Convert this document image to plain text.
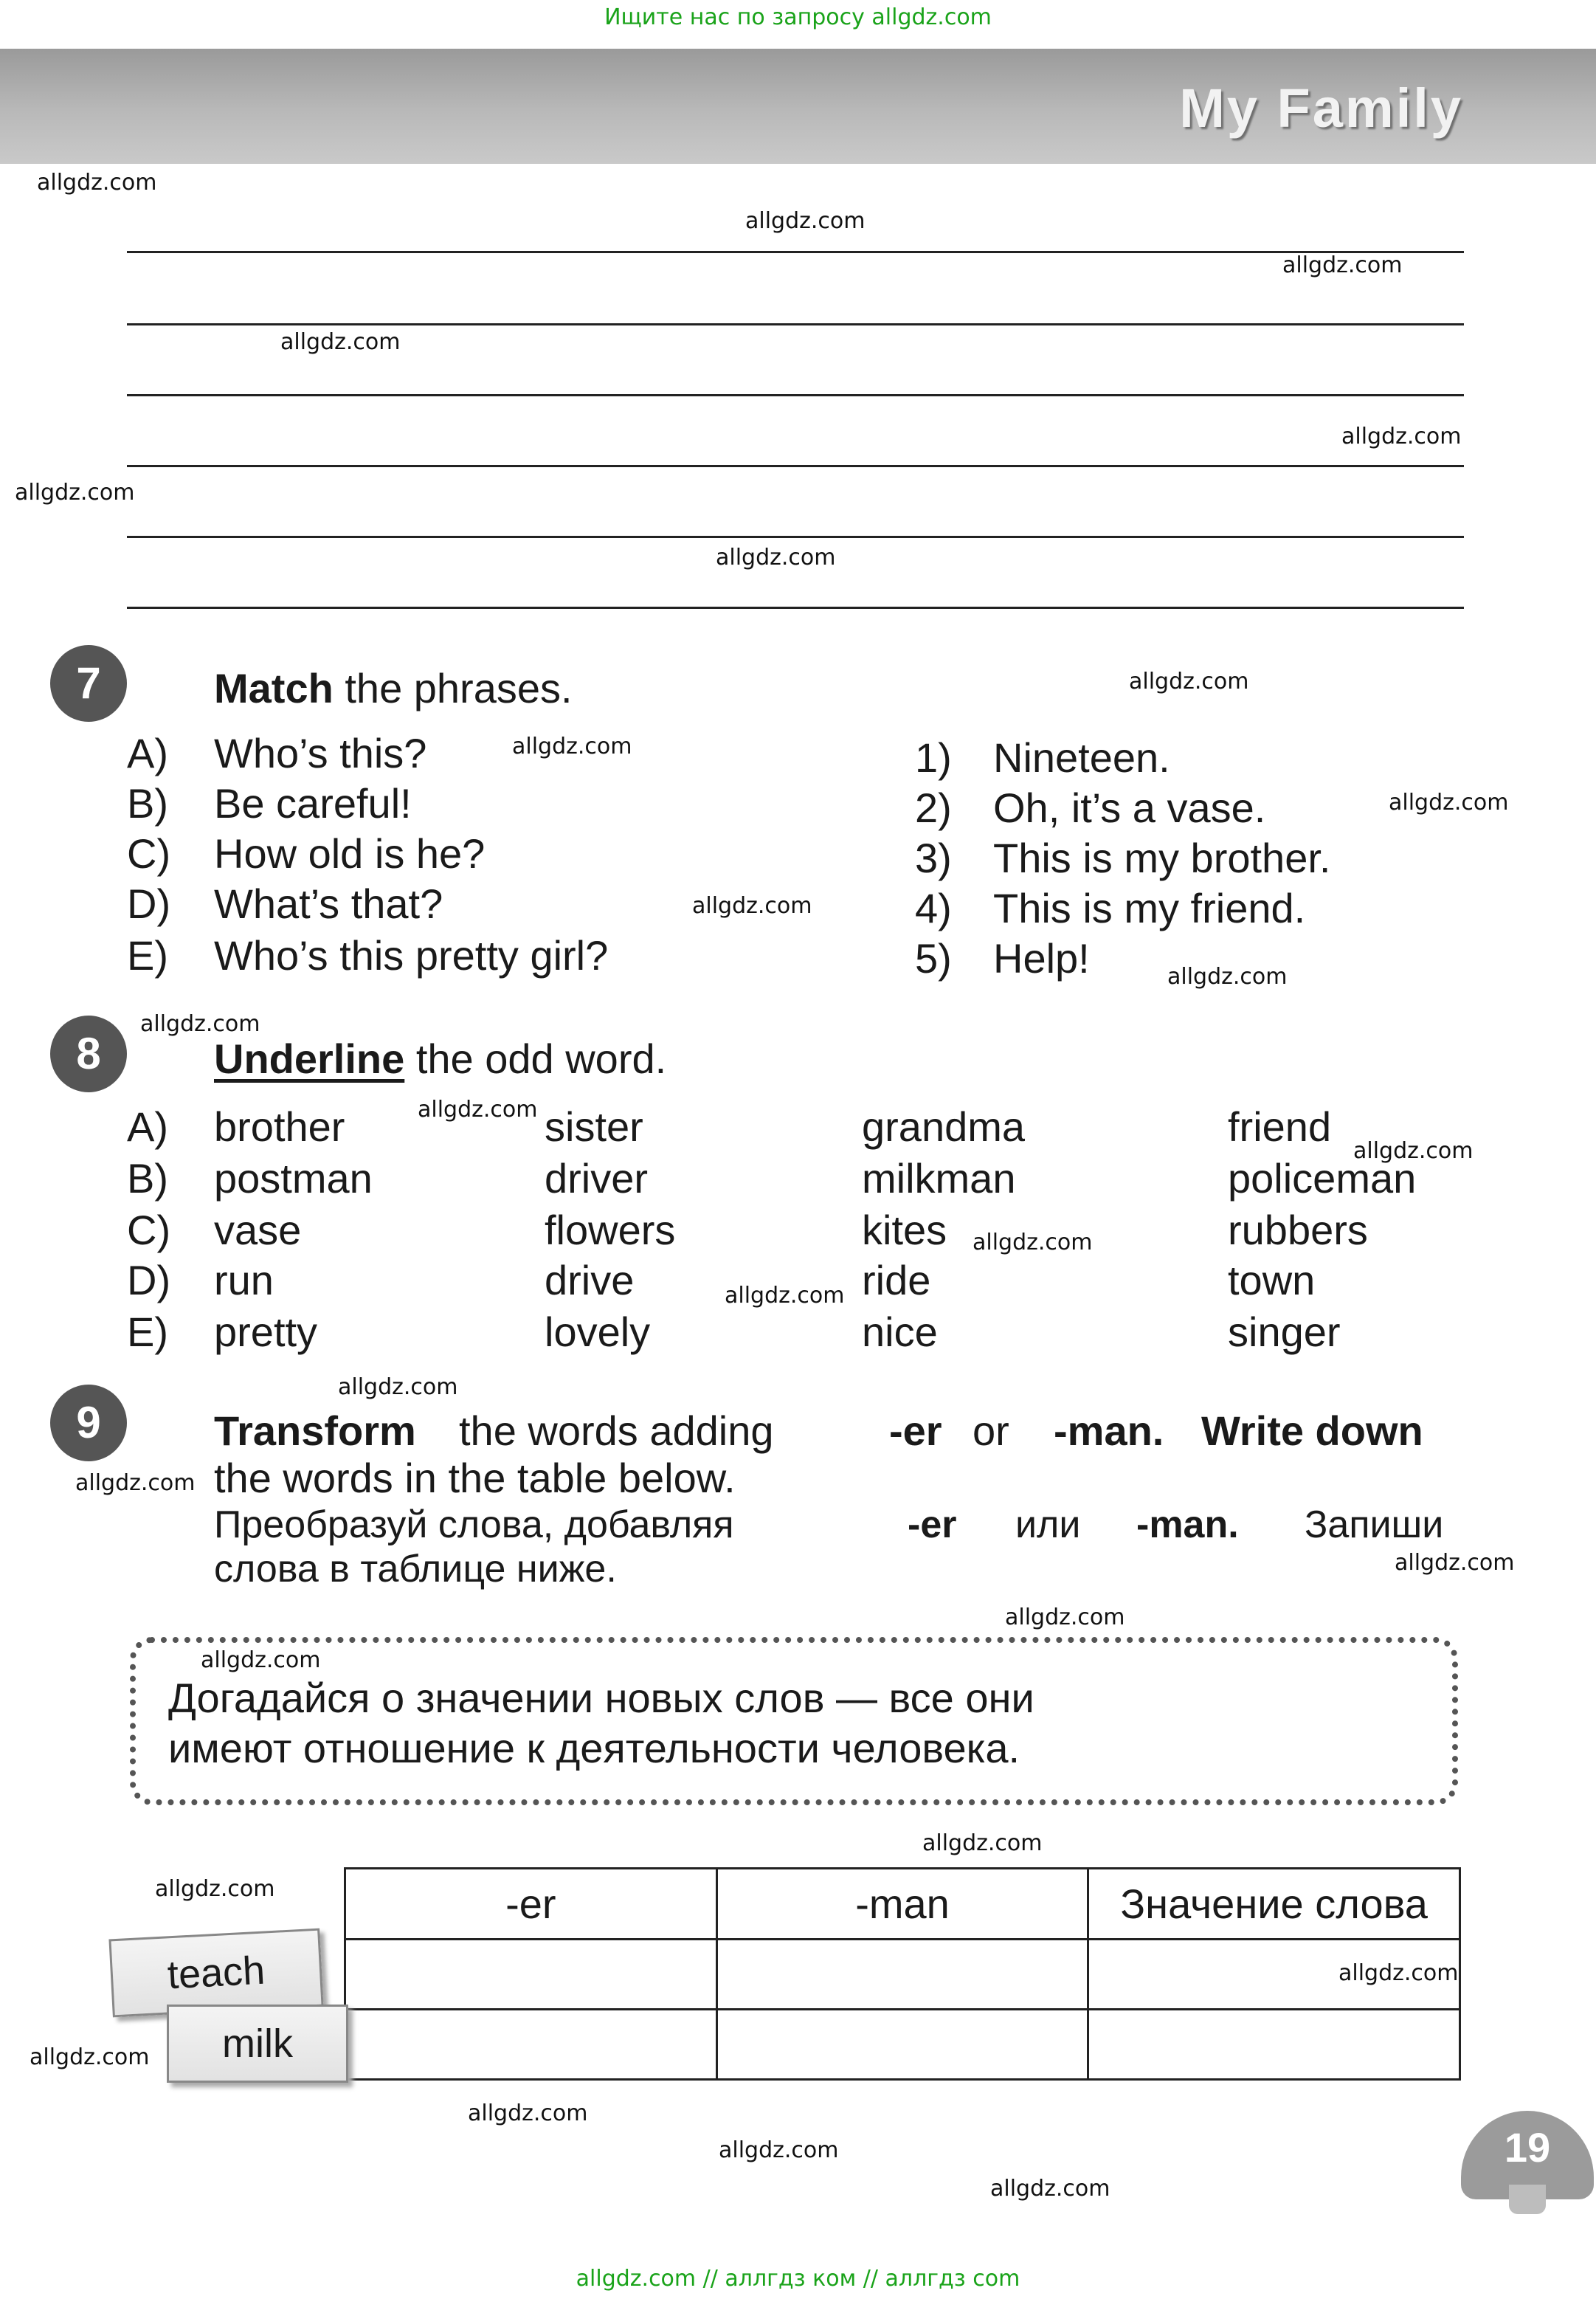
Ищите нас по запросу allgdz.com
My Family
7	Match the phrases.
A) Who’s this?
B) Be careful!
C) How old is he?
D) What’s that?
E) Who’s this pretty girl?
1) Nineteen.
2) Oh, it’s a vase.
3) This is my brother.
4) This is my friend.
5) Help!
8	Underline the odd word.
A) brother	sister	grandma	friend
B) postman	driver	milkman	policeman
C) vase	flowers	kites	rubbers
D) run	drive	ride	town
E) pretty	lovely	nice	singer
9	Transform the words adding	-er or -man. Write down
the words in the table below.
Преобразуй слова, добавляя	-er или -man. Запиши
слова в таблице ниже.
Догадайся о значении новых слов — все они
имеют отношение к деятельности человека.
-er	-man	Значение слова

teach
milk
19
allgdz.com
allgdz.com
allgdz.com
allgdz.com
allgdz.com
allgdz.com
allgdz.com
allgdz.com
allgdz.com
allgdz.com
allgdz.com
allgdz.com
allgdz.com
allgdz.com
allgdz.com
allgdz.com
allgdz.com
allgdz.com
allgdz.com
allgdz.com
allgdz.com
allgdz.com
allgdz.com
allgdz.com
allgdz.com
allgdz.com
allgdz.com
allgdz.com
allgdz.com
allgdz.com // аллгдз ком // аллгдз com
